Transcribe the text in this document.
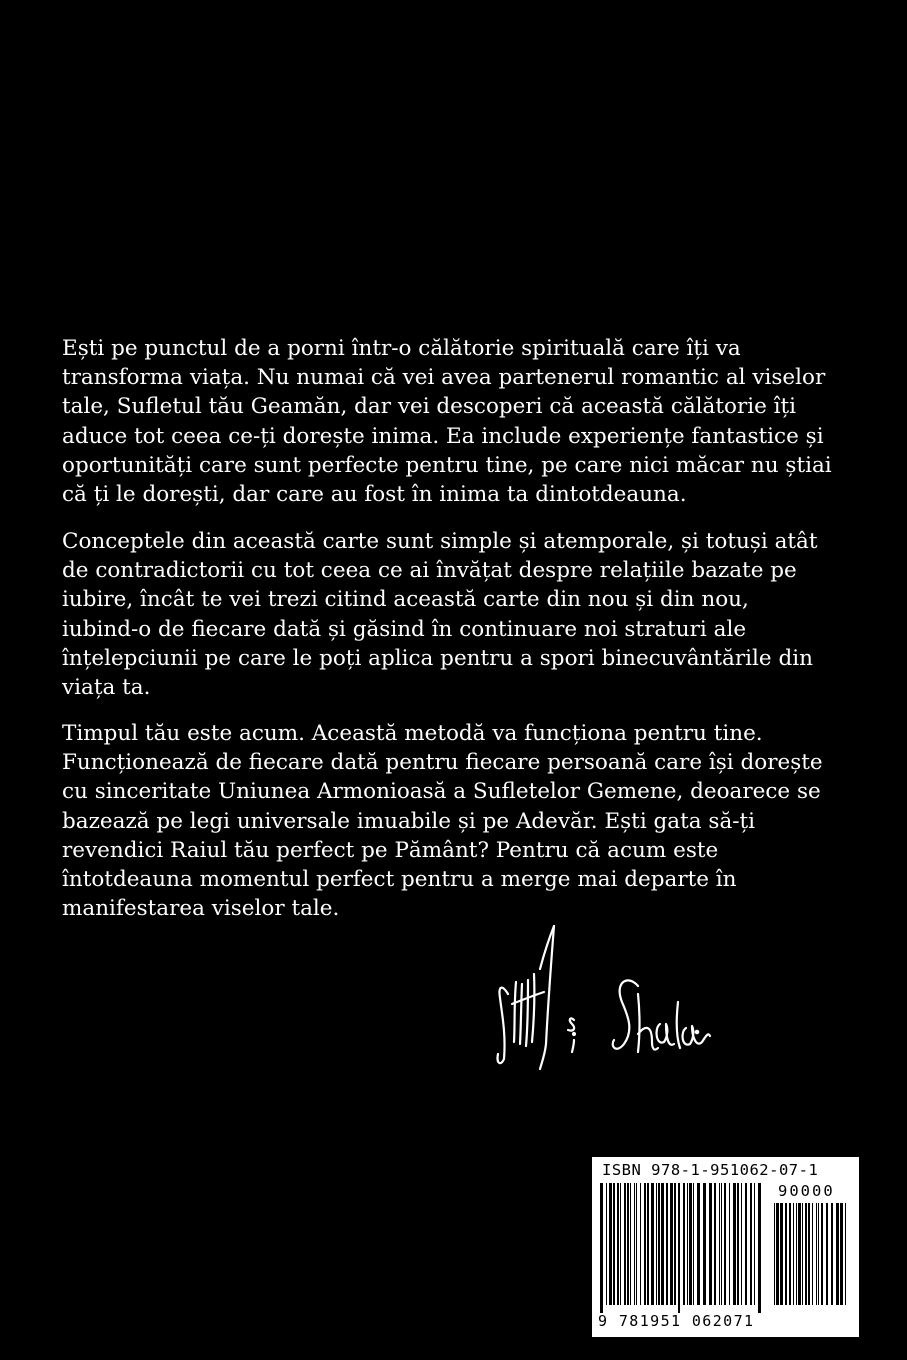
Ești pe punctul de a porni într-o călătorie spirituală care îți va
transforma viața. Nu numai că vei avea partenerul romantic al viselor
tale, Sufletul tău Geamăn, dar vei descoperi că această călătorie îți
aduce tot ceea ce-ți dorește inima. Ea include experiențe fantastice și
oportunități care sunt perfecte pentru tine, pe care nici măcar nu știai
că ți le dorești, dar care au fost în inima ta dintotdeauna.
Conceptele din această carte sunt simple și atemporale, și totuși atât
de contradictorii cu tot ceea ce ai învățat despre relațiile bazate pe
iubire, încât te vei trezi citind această carte din nou și din nou,
iubind-o de fiecare dată și găsind în continuare noi straturi ale
înțelepciunii pe care le poți aplica pentru a spori binecuvântările din
viața ta.
Timpul tău este acum. Această metodă va funcționa pentru tine.
Funcționează de fiecare dată pentru fiecare persoană care își dorește
cu sinceritate Uniunea Armonioasă a Sufletelor Gemene, deoarece se
bazează pe legi universale imuabile și pe Adevăr. Ești gata să-ți
revendici Raiul tău perfect pe Pământ? Pentru că acum este
întotdeauna momentul perfect pentru a merge mai departe în
manifestarea viselor tale.
ISBN 978-1-951062-07-1
90000
9 781951 062071
